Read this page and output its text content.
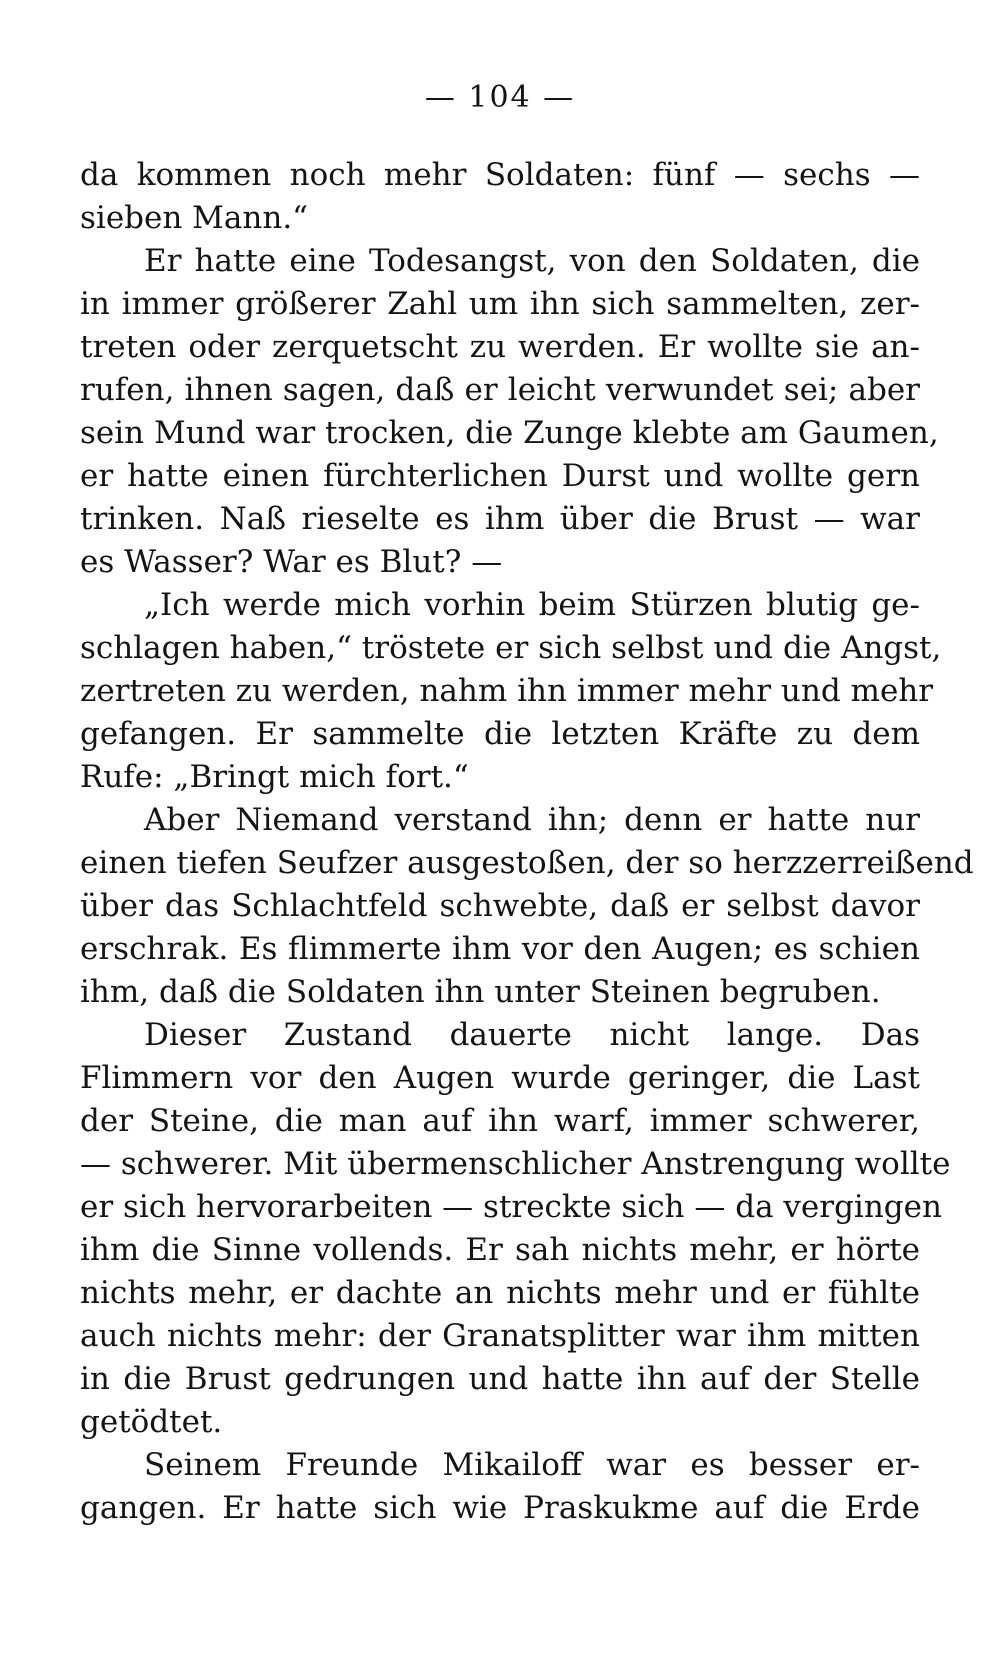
— 104 —
da kommen noch mehr Soldaten: fünf — sechs —
sieben Mann.“
Er hatte eine Todesangst, von den Soldaten, die
in immer größerer Zahl um ihn sich sammelten, zer-
treten oder zerquetscht zu werden. Er wollte sie an-
rufen, ihnen sagen, daß er leicht verwundet sei; aber
sein Mund war trocken, die Zunge klebte am Gaumen,
er hatte einen fürchterlichen Durst und wollte gern
trinken. Naß rieselte es ihm über die Brust — war
es Wasser? War es Blut? —
„Ich werde mich vorhin beim Stürzen blutig ge-
schlagen haben,“ tröstete er sich selbst und die Angst,
zertreten zu werden, nahm ihn immer mehr und mehr
gefangen. Er sammelte die letzten Kräfte zu dem
Rufe: „Bringt mich fort.“
Aber Niemand verstand ihn; denn er hatte nur
einen tiefen Seufzer ausgestoßen, der so herzzerreißend
über das Schlachtfeld schwebte, daß er selbst davor
erschrak. Es flimmerte ihm vor den Augen; es schien
ihm, daß die Soldaten ihn unter Steinen begruben.
Dieser Zustand dauerte nicht lange. Das
Flimmern vor den Augen wurde geringer, die Last
der Steine, die man auf ihn warf, immer schwerer,
— schwerer. Mit übermenschlicher Anstrengung wollte
er sich hervorarbeiten — streckte sich — da vergingen
ihm die Sinne vollends. Er sah nichts mehr, er hörte
nichts mehr, er dachte an nichts mehr und er fühlte
auch nichts mehr: der Granatsplitter war ihm mitten
in die Brust gedrungen und hatte ihn auf der Stelle
getödtet.
Seinem Freunde Mikailoff war es besser er-
gangen. Er hatte sich wie Praskukme auf die Erde
